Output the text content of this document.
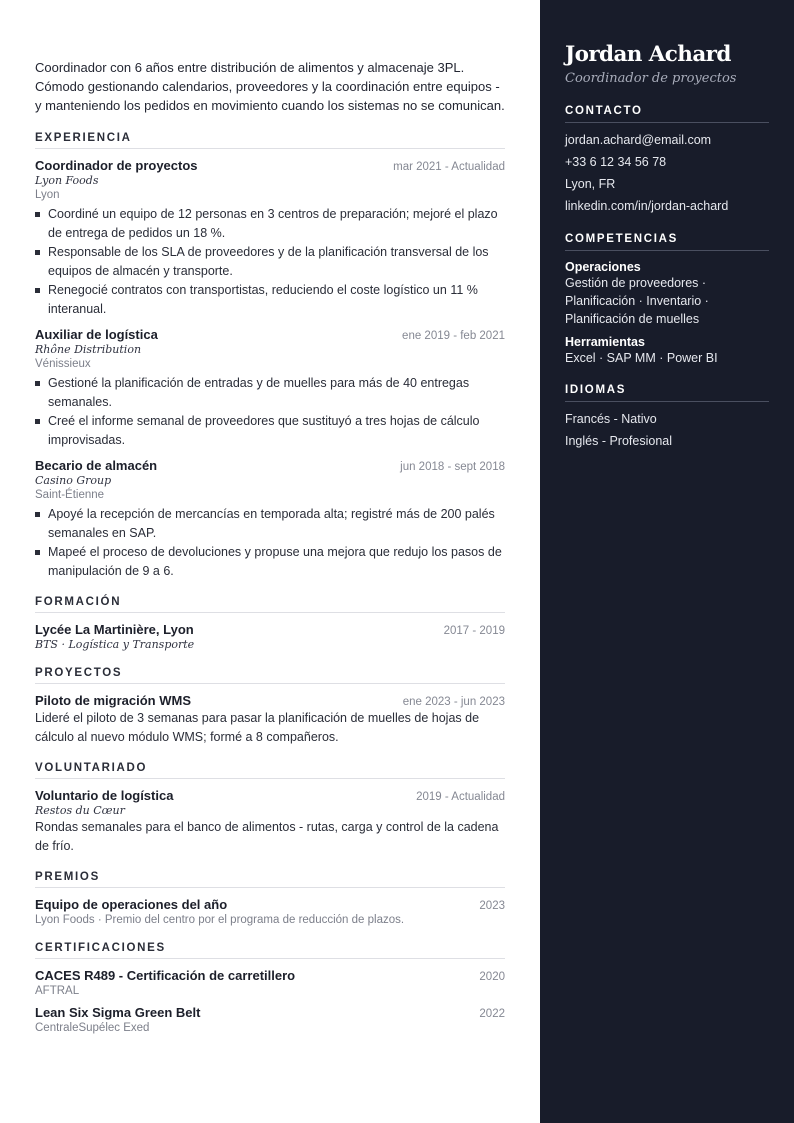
Coordinador con 6 años entre distribución de alimentos y almacenaje 3PL. Cómodo gestionando calendarios, proveedores y la coordinación entre equipos - y manteniendo los pedidos en movimiento cuando los sistemas no se comunican.

EXPERIENCIA
Coordinador de proyectos	mar 2021 - Actualidad
Lyon Foods
Lyon
Coordiné un equipo de 12 personas en 3 centros de preparación; mejoré el plazo de entrega de pedidos un 18 %.
Responsable de los SLA de proveedores y de la planificación transversal de los equipos de almacén y transporte.
Renegocié contratos con transportistas, reduciendo el coste logístico un 11 % interanual.
Auxiliar de logística	ene 2019 - feb 2021
Rhône Distribution
Vénissieux
Gestioné la planificación de entradas y de muelles para más de 40 entregas semanales.
Creé el informe semanal de proveedores que sustituyó a tres hojas de cálculo improvisadas.
Becario de almacén	jun 2018 - sept 2018
Casino Group
Saint-Étienne
Apoyé la recepción de mercancías en temporada alta; registré más de 200 palés semanales en SAP.
Mapeé el proceso de devoluciones y propuse una mejora que redujo los pasos de manipulación de 9 a 6.
FORMACIÓN
Lycée La Martinière, Lyon	2017 - 2019
BTS · Logística y Transporte
PROYECTOS
Piloto de migración WMS	ene 2023 - jun 2023
Lideré el piloto de 3 semanas para pasar la planificación de muelles de hojas de cálculo al nuevo módulo WMS; formé a 8 compañeros.
VOLUNTARIADO
Voluntario de logística	2019 - Actualidad
Restos du Cœur
Rondas semanales para el banco de alimentos - rutas, carga y control de la cadena de frío.
PREMIOS
Equipo de operaciones del año	2023
Lyon Foods · Premio del centro por el programa de reducción de plazos.
CERTIFICACIONES
CACES R489 - Certificación de carretillero	2020
AFTRAL
Lean Six Sigma Green Belt	2022
CentraleSupélec Exed
Jordan Achard
Coordinador de proyectos
CONTACTO
jordan.achard@email.com
+33 6 12 34 56 78
Lyon, FR
linkedin.com/in/jordan-achard
COMPETENCIAS
Operaciones
Gestión de proveedores · Planificación · Inventario · Planificación de muelles
Herramientas
Excel · SAP MM · Power BI
IDIOMAS
Francés - Nativo
Inglés - Profesional
